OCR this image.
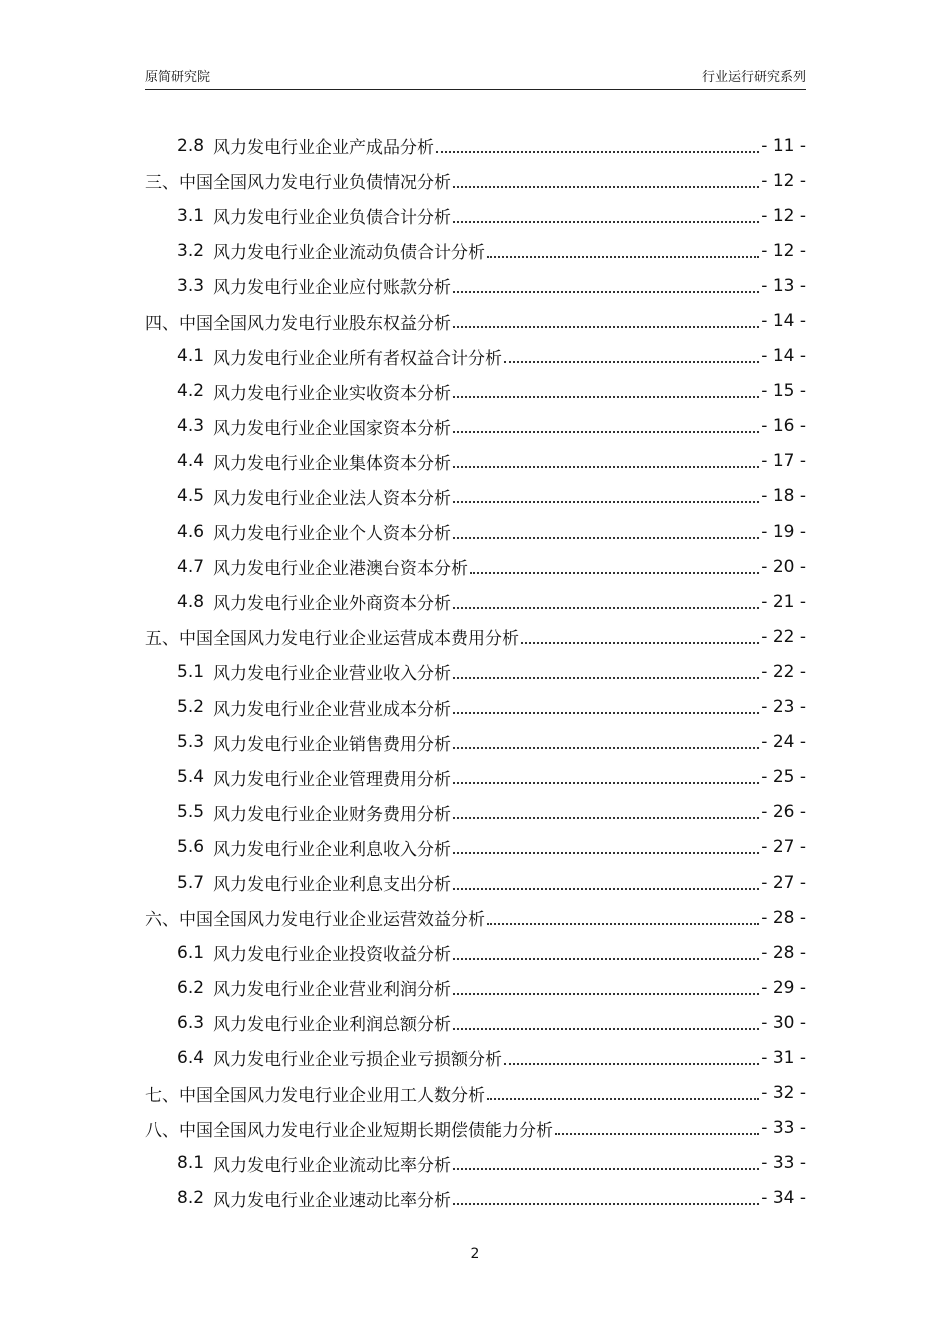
原简研究院	行业运行研究系列
2.8 风力发电行业企业产成品分析	- 11 -
三、中国全国风力发电行业负债情况分析	- 12 -
3.1 风力发电行业企业负债合计分析	- 12 -
3.2 风力发电行业企业流动负债合计分析	- 12 -
3.3 风力发电行业企业应付账款分析	- 13 -
四、中国全国风力发电行业股东权益分析	- 14 -
4.1 风力发电行业企业所有者权益合计分析	- 14 -
4.2 风力发电行业企业实收资本分析	- 15 -
4.3 风力发电行业企业国家资本分析	- 16 -
4.4 风力发电行业企业集体资本分析	- 17 -
4.5 风力发电行业企业法人资本分析	- 18 -
4.6 风力发电行业企业个人资本分析	- 19 -
4.7 风力发电行业企业港澳台资本分析	- 20 -
4.8 风力发电行业企业外商资本分析	- 21 -
五、中国全国风力发电行业企业运营成本费用分析	- 22 -
5.1 风力发电行业企业营业收入分析	- 22 -
5.2 风力发电行业企业营业成本分析	- 23 -
5.3 风力发电行业企业销售费用分析	- 24 -
5.4 风力发电行业企业管理费用分析	- 25 -
5.5 风力发电行业企业财务费用分析	- 26 -
5.6 风力发电行业企业利息收入分析	- 27 -
5.7 风力发电行业企业利息支出分析	- 27 -
六、中国全国风力发电行业企业运营效益分析	- 28 -
6.1 风力发电行业企业投资收益分析	- 28 -
6.2 风力发电行业企业营业利润分析	- 29 -
6.3 风力发电行业企业利润总额分析	- 30 -
6.4 风力发电行业企业亏损企业亏损额分析	- 31 -
七、中国全国风力发电行业企业用工人数分析	- 32 -
八、中国全国风力发电行业企业短期长期偿债能力分析	- 33 -
8.1 风力发电行业企业流动比率分析	- 33 -
8.2 风力发电行业企业速动比率分析	- 34 -
2
